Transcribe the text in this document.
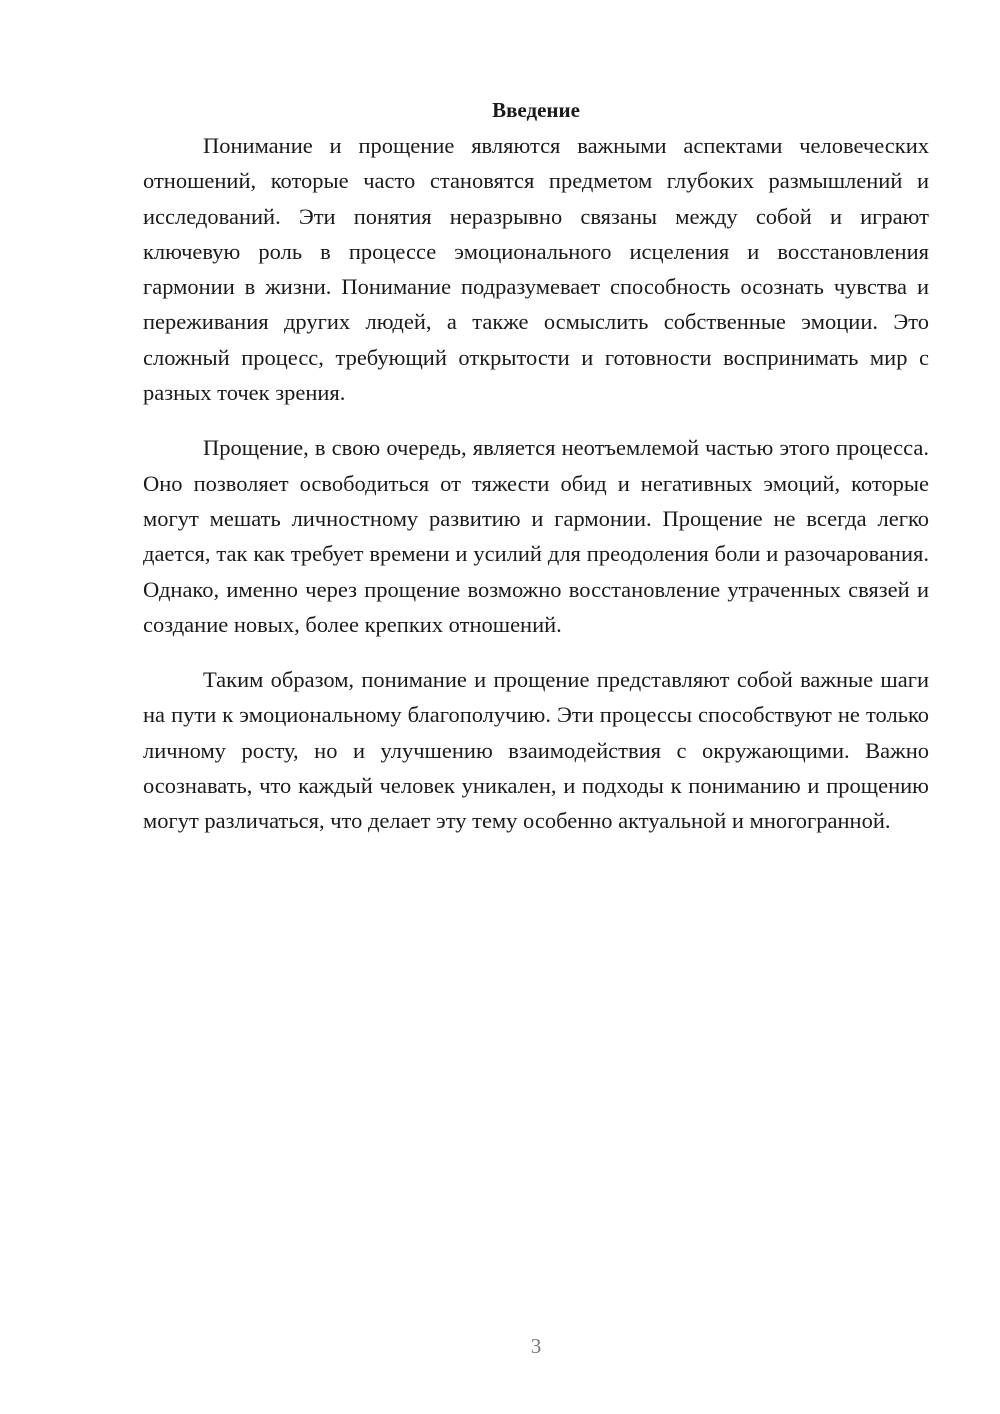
Введение

Понимание и прощение являются важными аспектами человеческих отношений, которые часто становятся предметом глубоких размышлений и исследований. Эти понятия неразрывно связаны между собой и играют ключевую роль в процессе эмоционального исцеления и восстановления гармонии в жизни. Понимание подразумевает способность осознать чувства и переживания других людей, а также осмыслить собственные эмоции. Это сложный процесс, требующий открытости и готовности воспринимать мир с разных точек зрения.

Прощение, в свою очередь, является неотъемлемой частью этого процесса. Оно позволяет освободиться от тяжести обид и негативных эмоций, которые могут мешать личностному развитию и гармонии. Прощение не всегда легко дается, так как требует времени и усилий для преодоления боли и разочарования. Однако, именно через прощение возможно восстановление утраченных связей и создание новых, более крепких отношений.

Таким образом, понимание и прощение представляют собой важные шаги на пути к эмоциональному благополучию. Эти процессы способствуют не только личному росту, но и улучшению взаимодействия с окружающими. Важно осознавать, что каждый человек уникален, и подходы к пониманию и прощению могут различаться, что делает эту тему особенно актуальной и многогранной.

3
